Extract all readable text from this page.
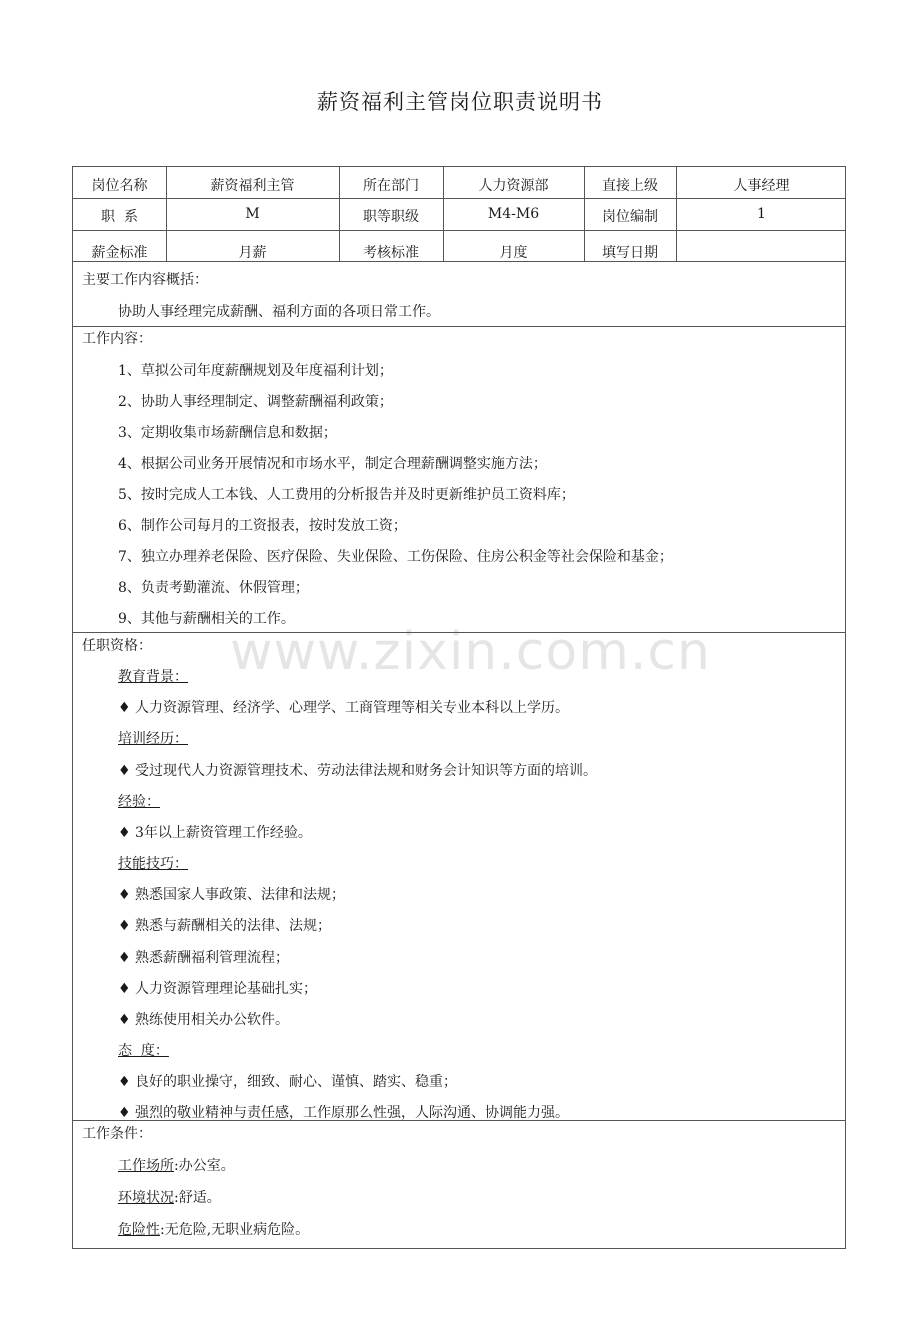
薪资福利主管岗位职责说明书
www.zixin.com.cn
岗位名称	薪资福利主管	所在部门	人力资源部	直接上级	人事经理
职  系	M	职等职级	M4-M6	岗位编制	1
薪金标准	月薪	考核标准	月度	填写日期
主要工作内容概括：
协助人事经理完成薪酬、福利方面的各项日常工作。
工作内容：
1、草拟公司年度薪酬规划及年度福利计划；
2、协助人事经理制定、调整薪酬福利政策；
3、定期收集市场薪酬信息和数据；
4、根据公司业务开展情况和市场水平，制定合理薪酬调整实施方法；
5、按时完成人工本钱、人工费用的分析报告并及时更新维护员工资料库；
6、制作公司每月的工资报表，按时发放工资；
7、独立办理养老保险、医疗保险、失业保险、工伤保险、住房公积金等社会保险和基金；
8、负责考勤灌流、休假管理；
9、其他与薪酬相关的工作。
任职资格：
教育背景：
♦ 人力资源管理、经济学、心理学、工商管理等相关专业本科以上学历。
培训经历：
♦ 受过现代人力资源管理技术、劳动法律法规和财务会计知识等方面的培训。
经验：
♦ 3年以上薪资管理工作经验。
技能技巧：
♦ 熟悉国家人事政策、法律和法规；
♦ 熟悉与薪酬相关的法律、法规；
♦ 熟悉薪酬福利管理流程；
♦ 人力资源管理理论基础扎实；
♦ 熟练使用相关办公软件。
态  度：
♦ 良好的职业操守，细致、耐心、谨慎、踏实、稳重；
♦ 强烈的敬业精神与责任感，工作原那么性强，人际沟通、协调能力强。
工作条件：
工作场所:办公室。
环境状况:舒适。
危险性:无危险,无职业病危险。
